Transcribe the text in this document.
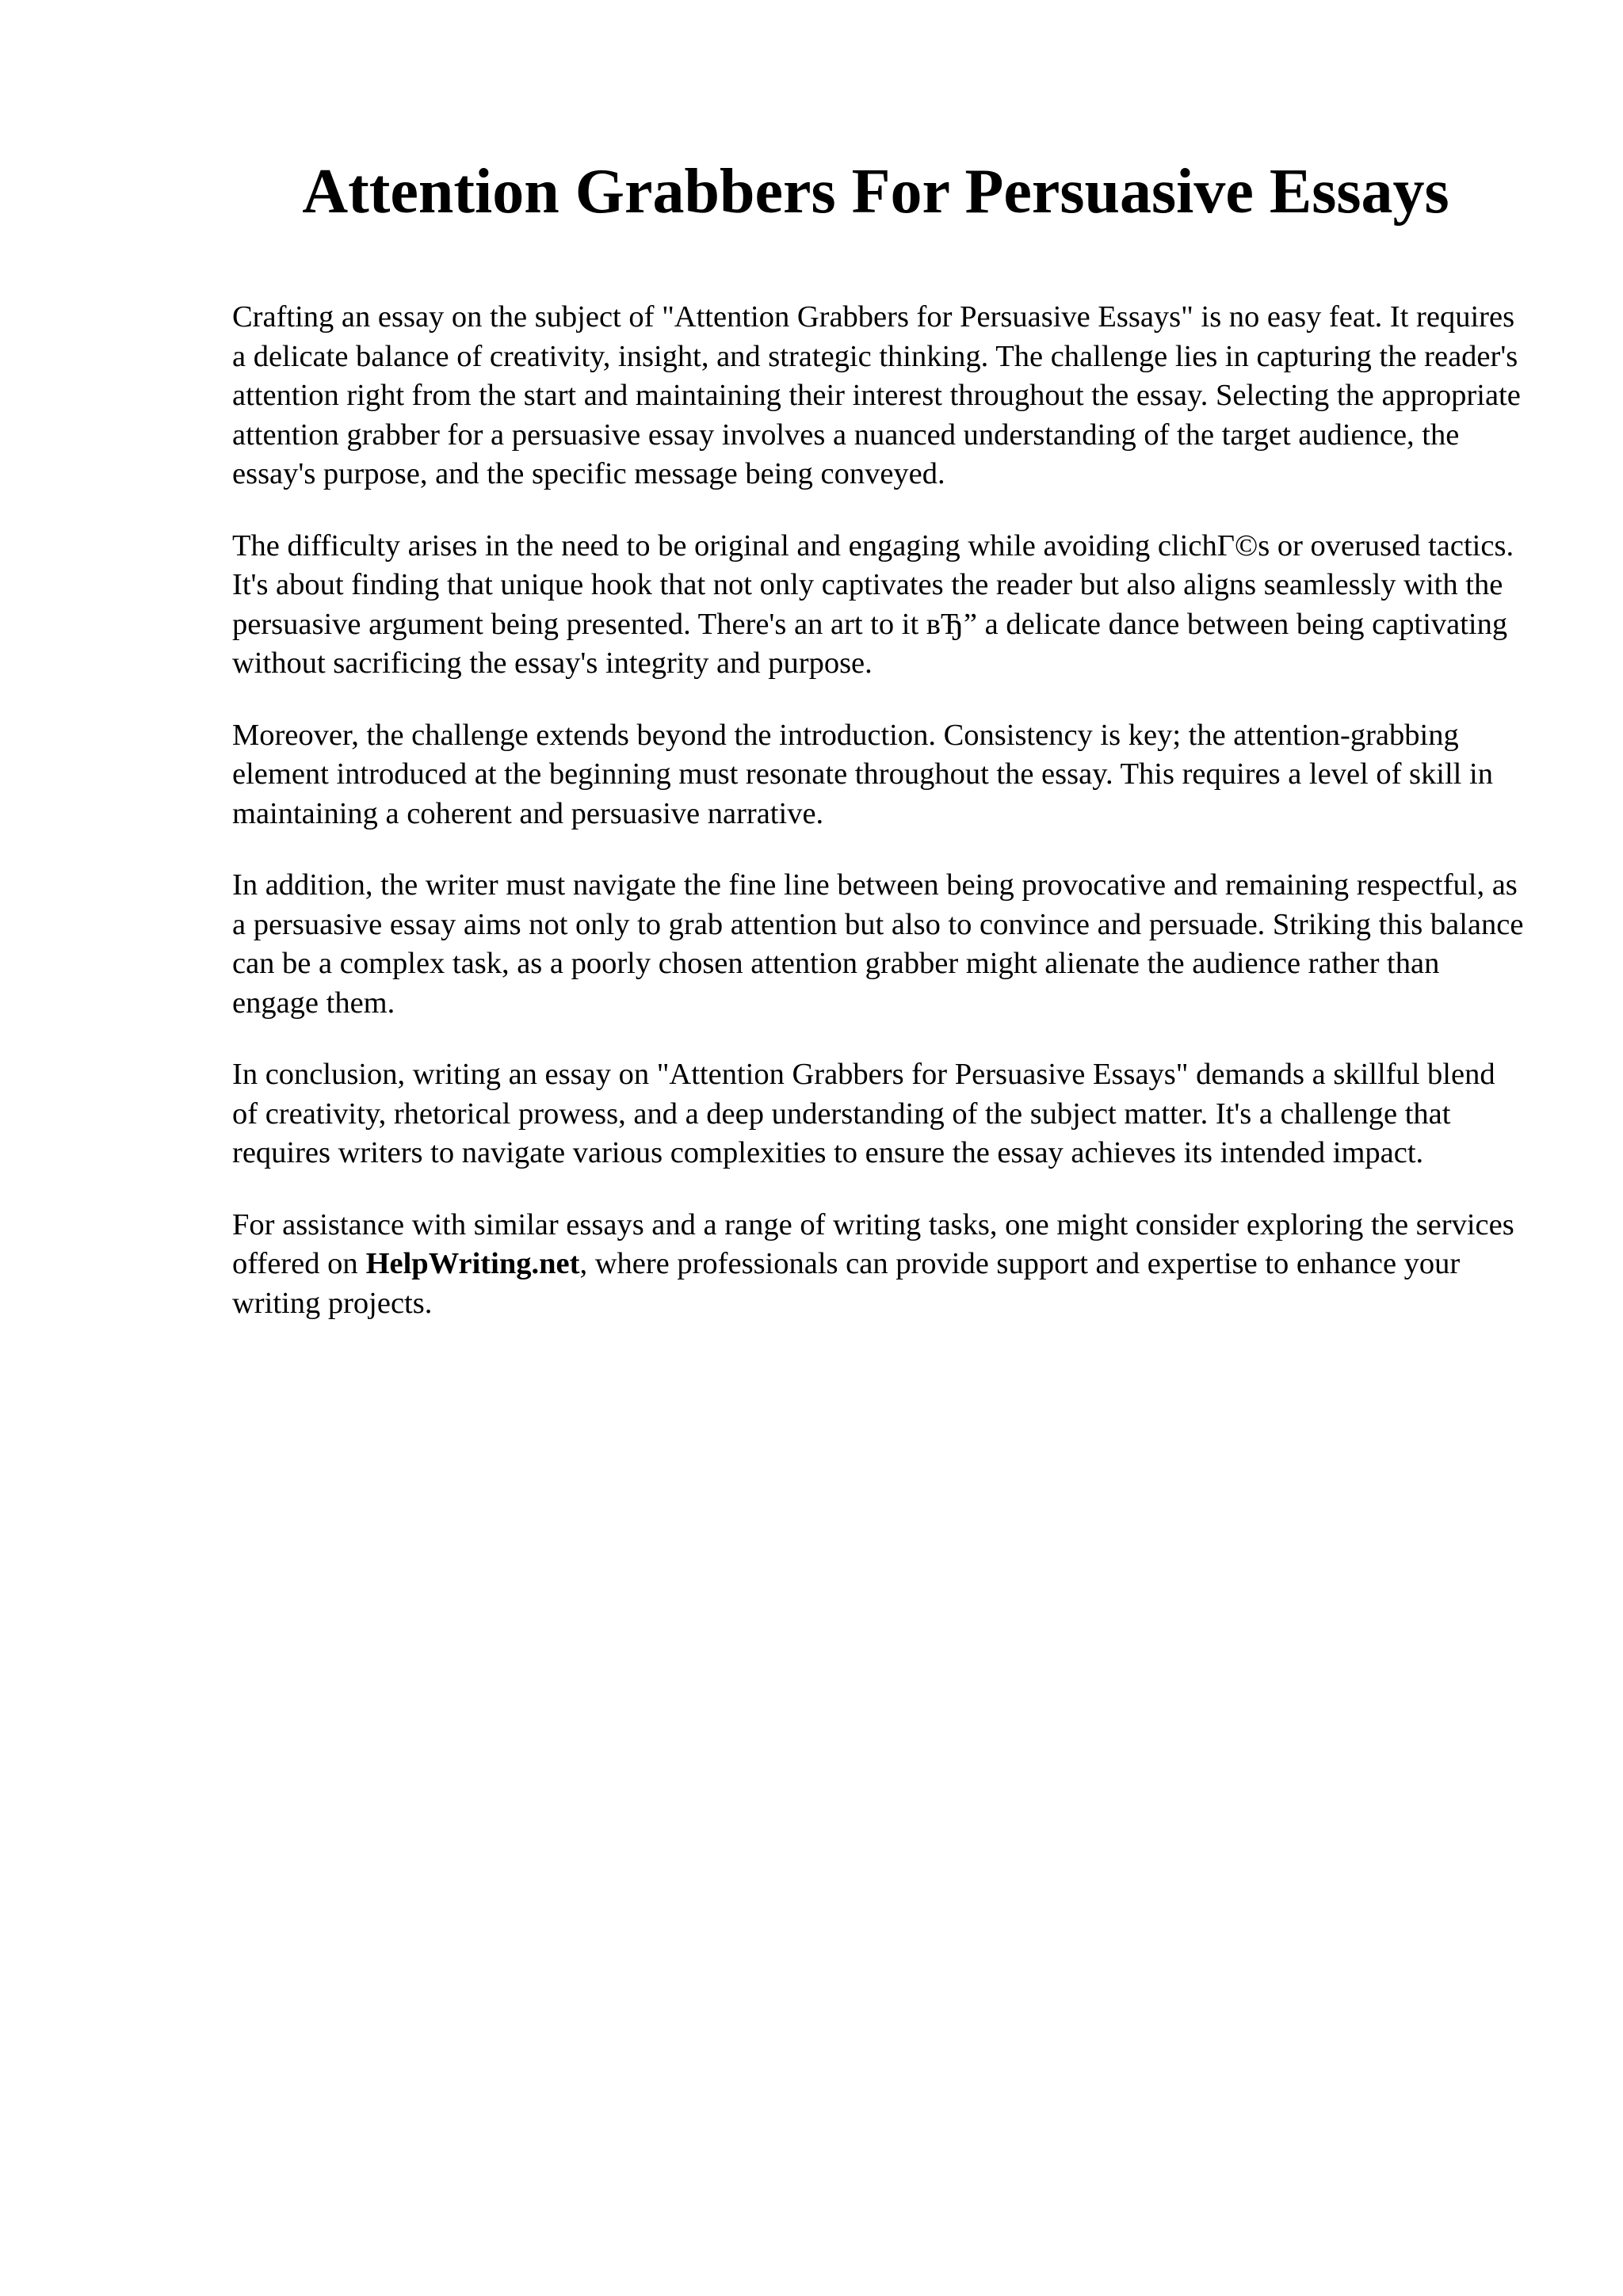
Attention Grabbers For Persuasive Essays

Crafting an essay on the subject of "Attention Grabbers for Persuasive Essays" is no easy feat. It requires a delicate balance of creativity, insight, and strategic thinking. The challenge lies in capturing the reader's attention right from the start and maintaining their interest throughout the essay. Selecting the appropriate attention grabber for a persuasive essay involves a nuanced understanding of the target audience, the essay's purpose, and the specific message being conveyed.

The difficulty arises in the need to be original and engaging while avoiding clichГ©s or overused tactics. It's about finding that unique hook that not only captivates the reader but also aligns seamlessly with the persuasive argument being presented. There's an art to it вЂ” a delicate dance between being captivating without sacrificing the essay's integrity and purpose.

Moreover, the challenge extends beyond the introduction. Consistency is key; the attention-grabbing element introduced at the beginning must resonate throughout the essay. This requires a level of skill in maintaining a coherent and persuasive narrative.

In addition, the writer must navigate the fine line between being provocative and remaining respectful, as a persuasive essay aims not only to grab attention but also to convince and persuade. Striking this balance can be a complex task, as a poorly chosen attention grabber might alienate the audience rather than engage them.

In conclusion, writing an essay on "Attention Grabbers for Persuasive Essays" demands a skillful blend of creativity, rhetorical prowess, and a deep understanding of the subject matter. It's a challenge that requires writers to navigate various complexities to ensure the essay achieves its intended impact.

For assistance with similar essays and a range of writing tasks, one might consider exploring the services offered on HelpWriting.net, where professionals can provide support and expertise to enhance your writing projects.
